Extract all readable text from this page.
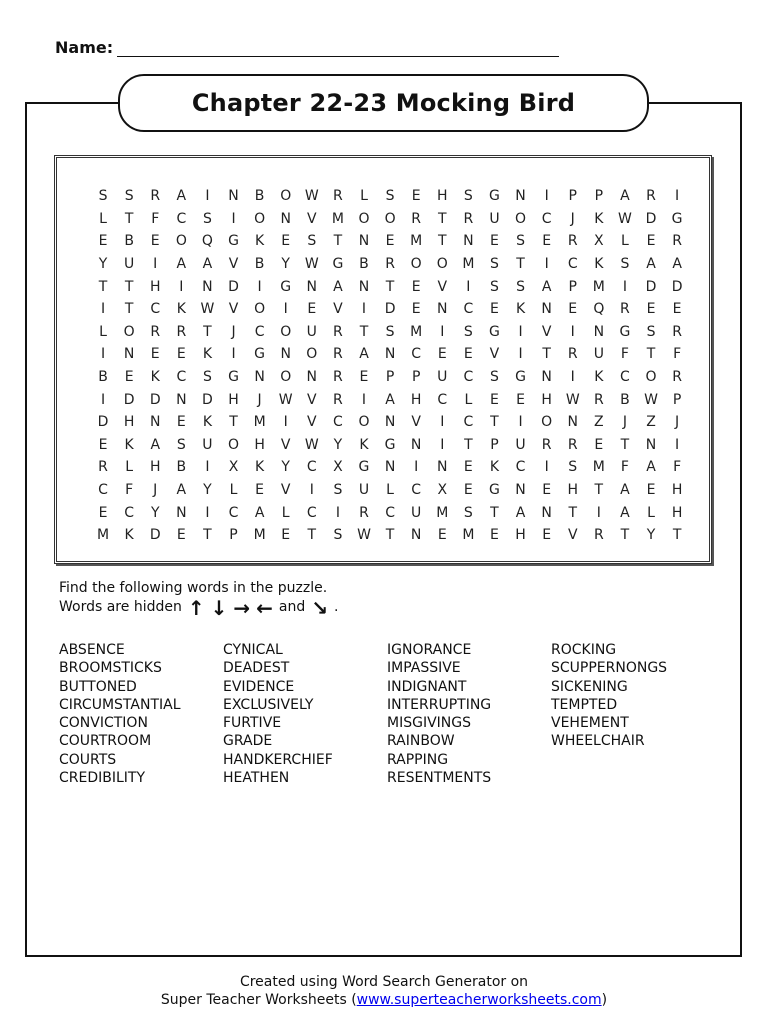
Name:
Chapter 22-23 Mocking Bird
S	S	R	A	I	N	B	O W	R	L	S	E	H	S	G	N	I	P	P	A	R	I
L	T	F	C	S	I	O	N	V	M	O	O	R	T	R	U	O	C	J	K	W D	G
E	B	E	O	Q	G	K	E	S	T	N	E	M	T	N	E	S	E	R	X	L	E	R
Y	U	I	A	A	V	B	Y	W G	B	R	O	O	M	S	T	I	C	K	S	A	A
T	T	H	I	N	D	I	G	N	A	N	T	E	V	I	S	S	A	P	M	I	D	D
I	T	C	K	W	V	O	I	E	V	I	D	E	N	C	E	K	N	E	Q	R	E	E
L	O	R	R	T	J	C	O	U	R	T	S	M	I	S	G	I	V	I	N	G	S	R
I	N	E	E	K	I	G	N	O	R	A	N	C	E	E	V	I	T	R	U	F	T	F
B	E	K	C	S	G	N	O	N	R	E	P	P	U	C	S	G	N	I	K	C	O	R
I	D	D	N	D	H	J	W	V	R	I	A	H	C	L	E	E	H W	R	B	W	P
D	H	N	E	K	T	M	I	V	C	O	N	V	I	C	T	I	O	N	Z	J	Z	J
E	K	A	S	U	O	H	V	W	Y	K	G	N	I	T	P	U	R	R	E	T	N	I
R	L	H	B	I	X	K	Y	C	X	G	N	I	N	E	K	C	I	S	M	F	A	F
C	F	J	A	Y	L	E	V	I	S	U	L	C	X	E	G	N	E	H	T	A	E	H
E	C	Y	N	I	C	A	L	C	I	R	C	U	M	S	T	A	N	T	I	A	L	H
M	K	D	E	T	P	M	E	T	S	W	T	N	E	M	E	H	E	V	R	T	Y	T
Find the following words in the puzzle.
Words are hidden ↑ ↓ → ← and ↘ .
ABSENCE
BROOMSTICKS
BUTTONED
CIRCUMSTANTIAL
CONVICTION
COURTROOM
COURTS
CREDIBILITY
CYNICAL
DEADEST
EVIDENCE
EXCLUSIVELY
FURTIVE
GRADE
HANDKERCHIEF
HEATHEN
IGNORANCE
IMPASSIVE
INDIGNANT
INTERRUPTING
MISGIVINGS
RAINBOW
RAPPING
RESENTMENTS
ROCKING
SCUPPERNONGS
SICKENING
TEMPTED
VEHEMENT
WHEELCHAIR
Created using Word Search Generator on
Super Teacher Worksheets (www.superteacherworksheets.com)
